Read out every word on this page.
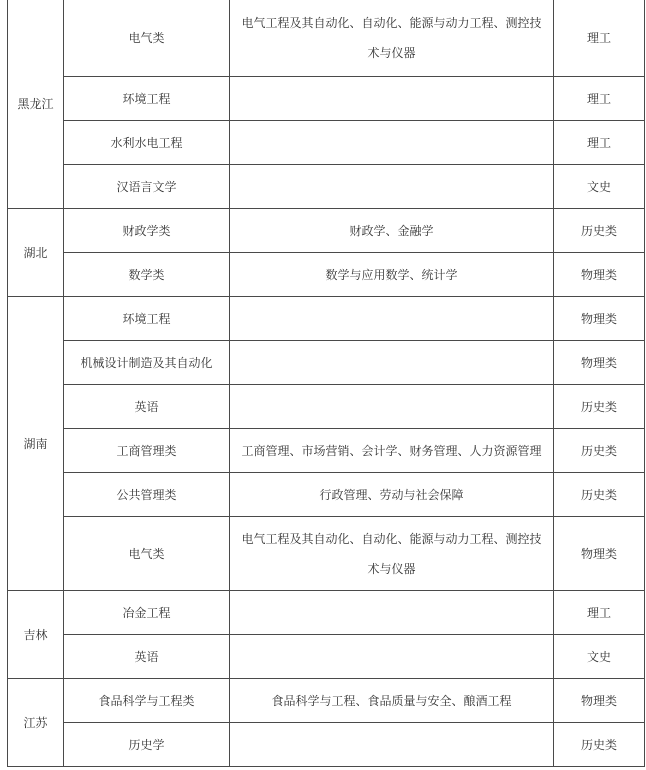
黑龙江	电气类	电气工程及其自动化、自动化、能源与动力工程、测控技术与仪器	理工
	环境工程		理工
	水利水电工程		理工
	汉语言文学		文史
湖北	财政学类	财政学、金融学	历史类
	数学类	数学与应用数学、统计学	物理类
湖南	环境工程		物理类
	机械设计制造及其自动化		物理类
	英语		历史类
	工商管理类	工商管理、市场营销、会计学、财务管理、人力资源管理	历史类
	公共管理类	行政管理、劳动与社会保障	历史类
	电气类	电气工程及其自动化、自动化、能源与动力工程、测控技术与仪器	物理类
吉林	冶金工程		理工
	英语		文史
江苏	食品科学与工程类	食品科学与工程、食品质量与安全、酿酒工程	物理类
	历史学		历史类
